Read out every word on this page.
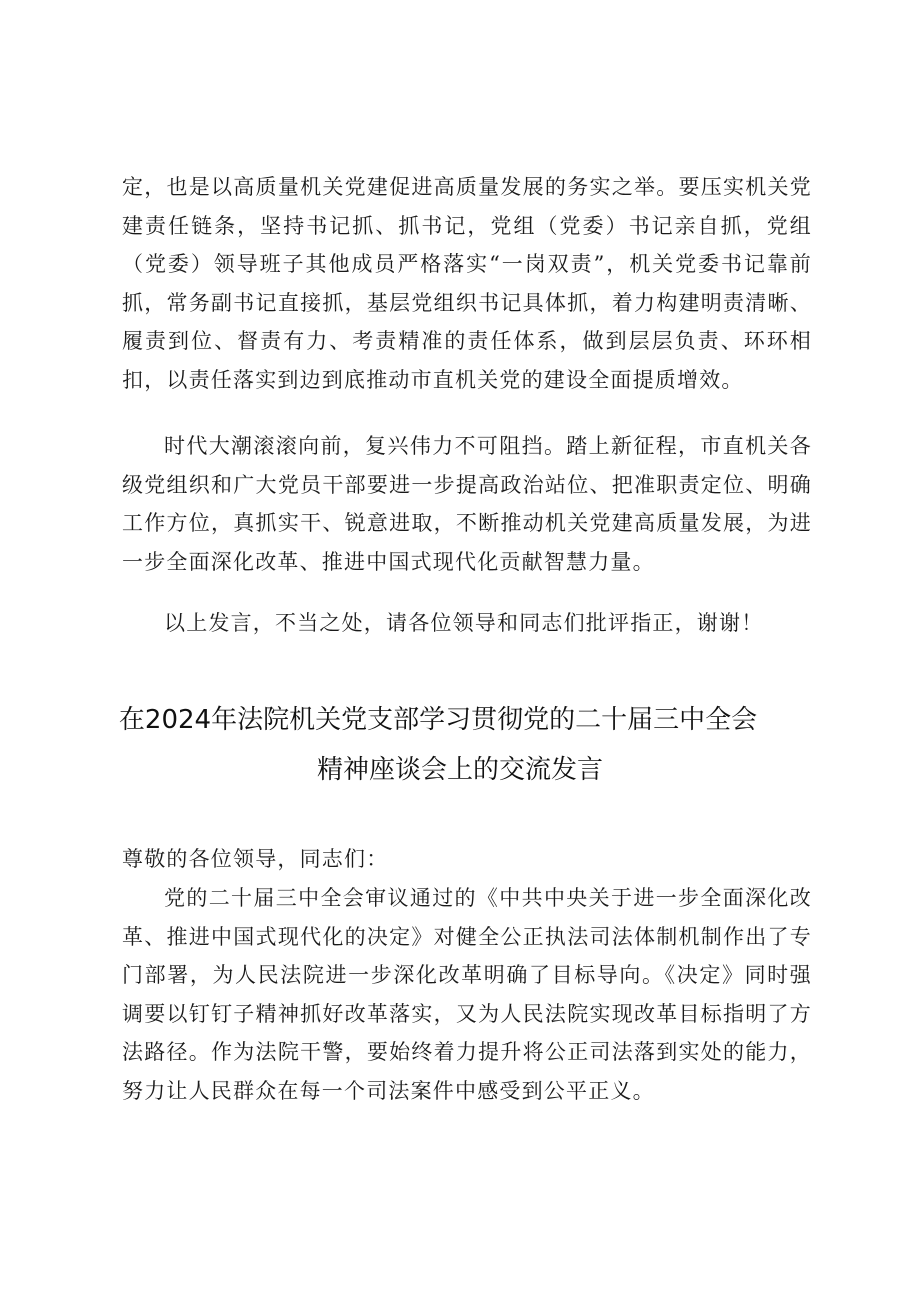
定，也是以高质量机关党建促进高质量发展的务实之举。要压实机关党建责任链条，坚持书记抓、抓书记，党组（党委）书记亲自抓，党组（党委）领导班子其他成员严格落实“一岗双责”，机关党委书记靠前抓，常务副书记直接抓，基层党组织书记具体抓，着力构建明责清晰、履责到位、督责有力、考责精准的责任体系，做到层层负责、环环相扣，以责任落实到边到底推动市直机关党的建设全面提质增效。

时代大潮滚滚向前，复兴伟力不可阻挡。踏上新征程，市直机关各级党组织和广大党员干部要进一步提高政治站位、把准职责定位、明确工作方位，真抓实干、锐意进取，不断推动机关党建高质量发展，为进一步全面深化改革、推进中国式现代化贡献智慧力量。

以上发言，不当之处，请各位领导和同志们批评指正，谢谢！

在2024年法院机关党支部学习贯彻党的二十届三中全会
精神座谈会上的交流发言

尊敬的各位领导，同志们：

党的二十届三中全会审议通过的《中共中央关于进一步全面深化改革、推进中国式现代化的决定》对健全公正执法司法体制机制作出了专门部署，为人民法院进一步深化改革明确了目标导向。《决定》同时强调要以钉钉子精神抓好改革落实，又为人民法院实现改革目标指明了方法路径。作为法院干警，要始终着力提升将公正司法落到实处的能力，努力让人民群众在每一个司法案件中感受到公平正义。
